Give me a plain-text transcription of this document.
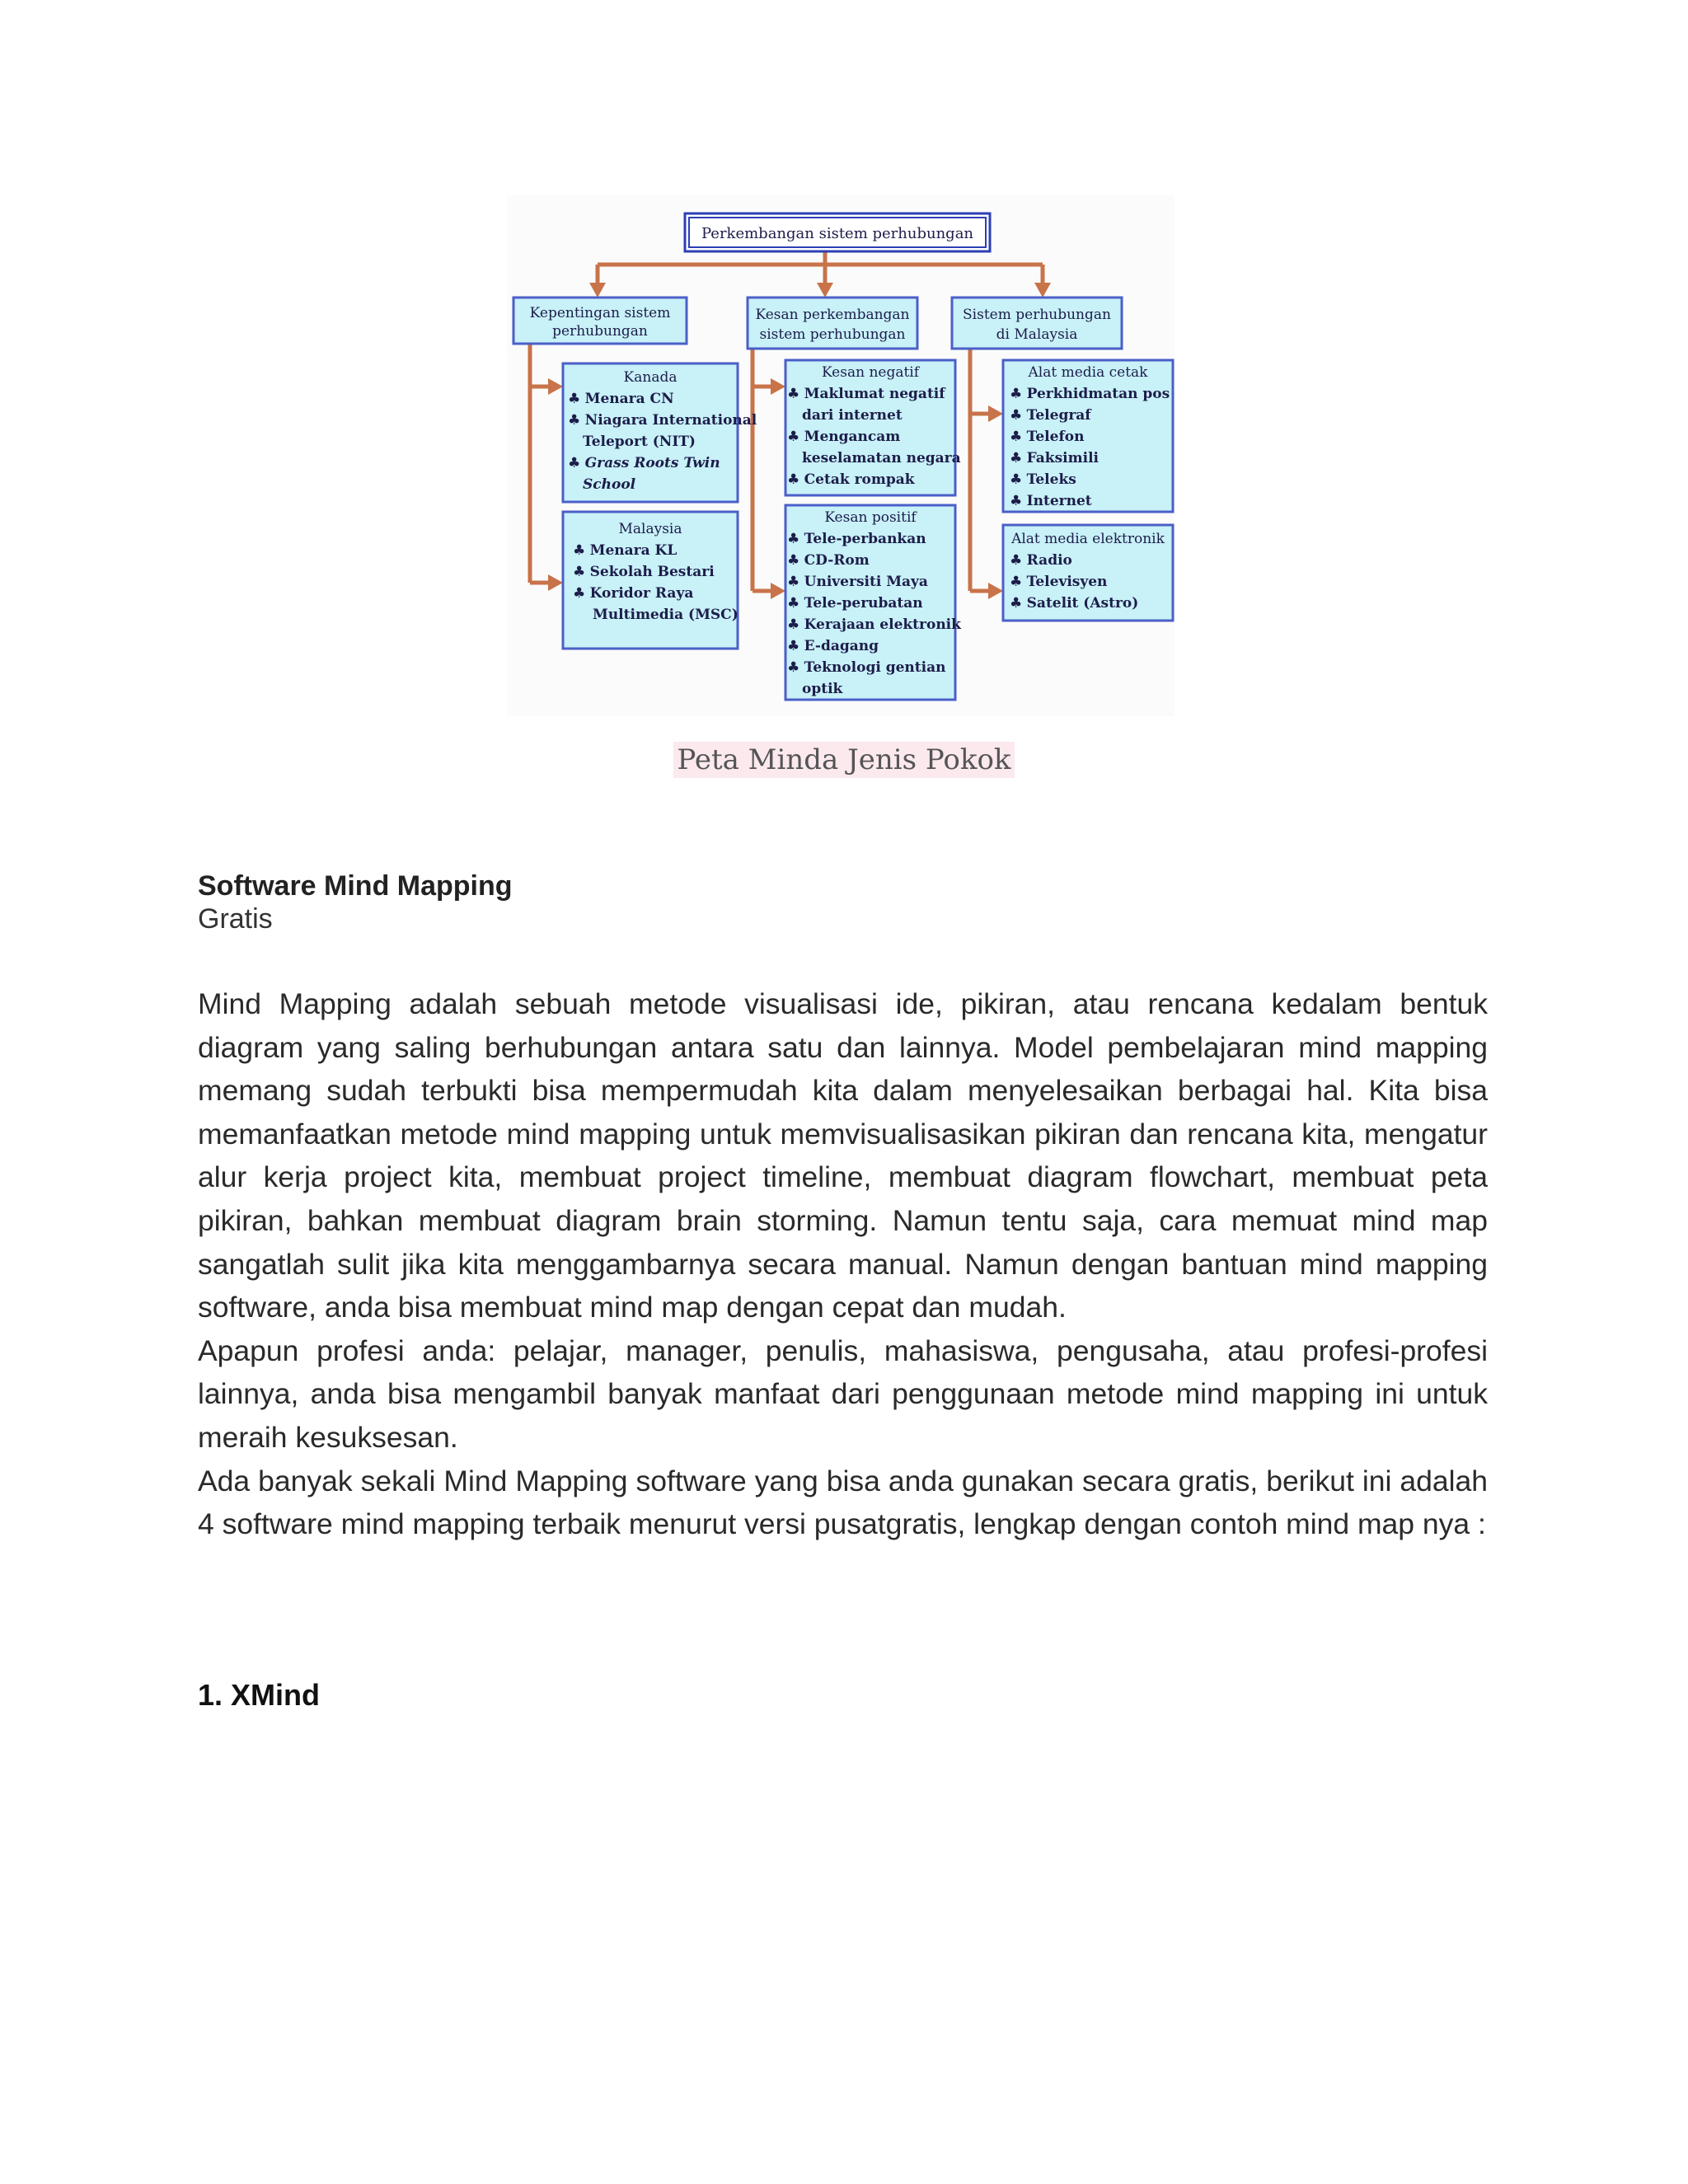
Perkembangan sistem perhubungan
Kepentingan sistem
perhubungan
Kesan perkembangan
sistem perhubungan
Sistem perhubungan
di Malaysia
Kanada
♣ Menara CN
♣ Niagara International
Teleport (NIT)
♣ Grass Roots Twin
School
Malaysia
♣ Menara KL
♣ Sekolah Bestari
♣ Koridor Raya
Multimedia (MSC)
Kesan negatif
♣ Maklumat negatif
dari internet
♣ Mengancam
keselamatan negara
♣ Cetak rompak
Kesan positif
♣ Tele-perbankan
♣ CD-Rom
♣ Universiti Maya
♣ Tele-perubatan
♣ Kerajaan elektronik
♣ E-dagang
♣ Teknologi gentian
optik
Alat media cetak
♣ Perkhidmatan pos
♣ Telegraf
♣ Telefon
♣ Faksimili
♣ Teleks
♣ Internet
Alat media elektronik
♣ Radio
♣ Televisyen
♣ Satelit (Astro)
Peta Minda Jenis Pokok
Software Mind Mapping
Gratis

Mind Mapping adalah sebuah metode visualisasi ide, pikiran, atau rencana kedalam bentuk diagram yang saling berhubungan antara satu dan lainnya. Model pembelajaran mind mapping memang sudah terbukti bisa mempermudah kita dalam menyelesaikan berbagai hal. Kita bisa memanfaatkan metode mind mapping untuk memvisualisasikan pikiran dan rencana kita, mengatur alur kerja project kita, membuat project timeline, membuat diagram flowchart, membuat peta pikiran, bahkan membuat diagram brain storming. Namun tentu saja, cara memuat mind map sangatlah sulit jika kita menggambarnya secara manual. Namun dengan bantuan mind mapping software, anda bisa membuat mind map dengan cepat dan mudah.

Apapun profesi anda: pelajar, manager, penulis, mahasiswa, pengusaha, atau profesi-profesi lainnya, anda bisa mengambil banyak manfaat dari penggunaan metode mind mapping ini untuk meraih kesuksesan.

Ada banyak sekali Mind Mapping software yang bisa anda gunakan secara gratis, berikut ini adalah 4 software mind mapping terbaik menurut versi pusatgratis, lengkap dengan contoh mind map nya :

1. XMind
